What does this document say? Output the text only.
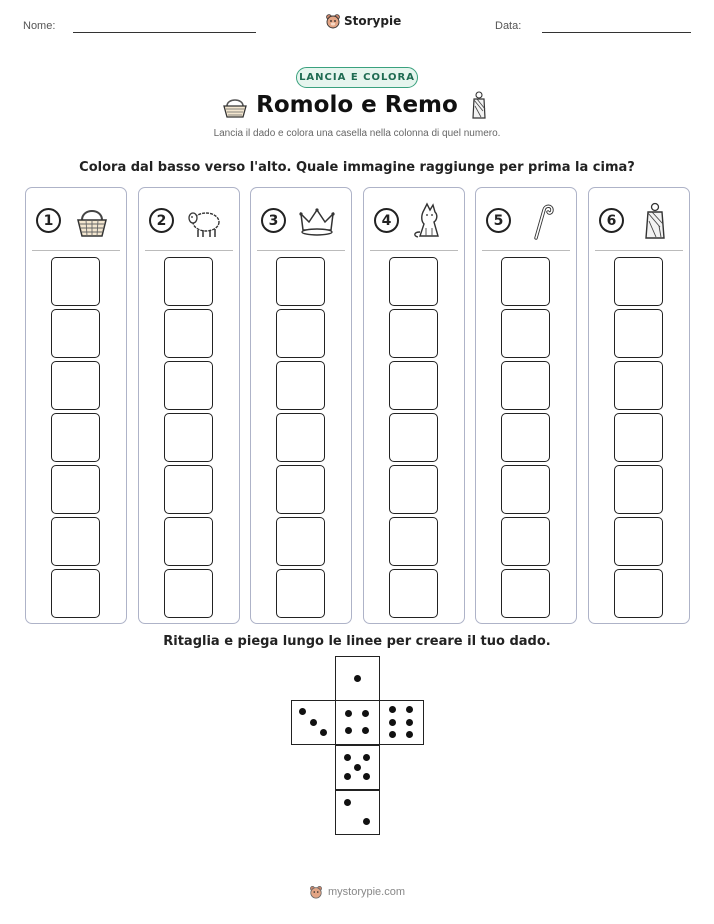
Nome:	Storypie	Data:
LANCIA E COLORA
Romolo e Remo
Lancia il dado e colora una casella nella colonna di quel numero.
Colora dal basso verso l'alto. Quale immagine raggiunge per prima la cima?
1	2	3	4	5	6
Ritaglia e piega lungo le linee per creare il tuo dado.
mystorypie.com
